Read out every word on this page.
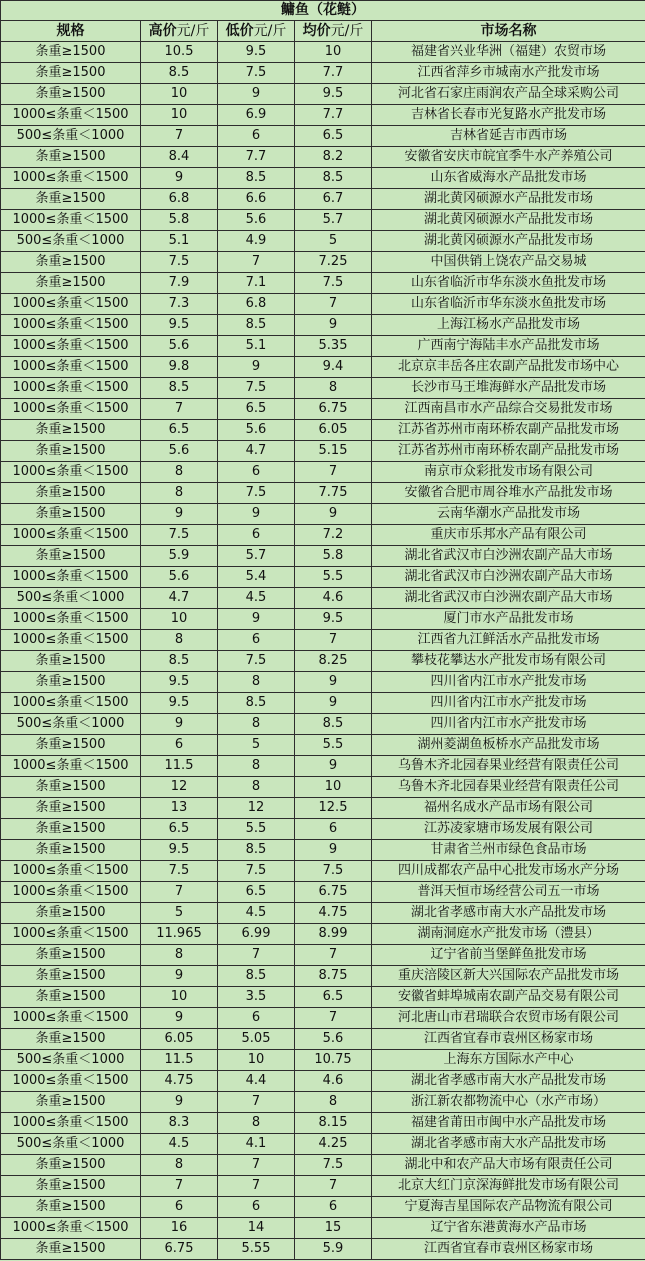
鳙鱼（花鲢）				
规格	高价元/斤	低价元/斤	均价元/斤	市场名称
条重≥1500	10.5	9.5	10	福建省兴业华洲（福建）农贸市场
条重≥1500	8.5	7.5	7.7	江西省萍乡市城南水产批发市场
条重≥1500	10	9	9.5	河北省石家庄雨润农产品全球采购公司
1000≤条重＜1500	10	6.9	7.7	吉林省长春市光复路水产批发市场
500≤条重＜1000	7	6	6.5	吉林省延吉市西市场
条重≥1500	8.4	7.7	8.2	安徽省安庆市皖宜季牛水产养殖公司
1000≤条重＜1500	9	8.5	8.5	山东省威海水产品批发市场
条重≥1500	6.8	6.6	6.7	湖北黄冈硕源水产品批发市场
1000≤条重＜1500	5.8	5.6	5.7	湖北黄冈硕源水产品批发市场
500≤条重＜1000	5.1	4.9	5	湖北黄冈硕源水产品批发市场
条重≥1500	7.5	7	7.25	中国供销上饶农产品交易城
条重≥1500	7.9	7.1	7.5	山东省临沂市华东淡水鱼批发市场
1000≤条重＜1500	7.3	6.8	7	山东省临沂市华东淡水鱼批发市场
1000≤条重＜1500	9.5	8.5	9	上海江杨水产品批发市场
1000≤条重＜1500	5.6	5.1	5.35	广西南宁海陆丰水产品批发市场
1000≤条重＜1500	9.8	9	9.4	北京京丰岳各庄农副产品批发市场中心
1000≤条重＜1500	8.5	7.5	8	长沙市马王堆海鲜水产品批发市场
1000≤条重＜1500	7	6.5	6.75	江西南昌市水产品综合交易批发市场
条重≥1500	6.5	5.6	6.05	江苏省苏州市南环桥农副产品批发市场
条重≥1500	5.6	4.7	5.15	江苏省苏州市南环桥农副产品批发市场
1000≤条重＜1500	8	6	7	南京市众彩批发市场有限公司
条重≥1500	8	7.5	7.75	安徽省合肥市周谷堆水产品批发市场
条重≥1500	9	9	9	云南华潮水产品批发市场
1000≤条重＜1500	7.5	6	7.2	重庆市乐邦水产品有限公司
条重≥1500	5.9	5.7	5.8	湖北省武汉市白沙洲农副产品大市场
1000≤条重＜1500	5.6	5.4	5.5	湖北省武汉市白沙洲农副产品大市场
500≤条重＜1000	4.7	4.5	4.6	湖北省武汉市白沙洲农副产品大市场
1000≤条重＜1500	10	9	9.5	厦门市水产品批发市场
1000≤条重＜1500	8	6	7	江西省九江鲜活水产品批发市场
条重≥1500	8.5	7.5	8.25	攀枝花攀达水产批发市场有限公司
条重≥1500	9.5	8	9	四川省内江市水产批发市场
1000≤条重＜1500	9.5	8.5	9	四川省内江市水产批发市场
500≤条重＜1000	9	8	8.5	四川省内江市水产批发市场
条重≥1500	6	5	5.5	湖州菱湖鱼板桥水产品批发市场
1000≤条重＜1500	11.5	8	9	乌鲁木齐北园春果业经营有限责任公司
条重≥1500	12	8	10	乌鲁木齐北园春果业经营有限责任公司
条重≥1500	13	12	12.5	福州名成水产品市场有限公司
条重≥1500	6.5	5.5	6	江苏凌家塘市场发展有限公司
条重≥1500	9.5	8.5	9	甘肃省兰州市绿色食品市场
1000≤条重＜1500	7.5	7.5	7.5	四川成都农产品中心批发市场水产分场
1000≤条重＜1500	7	6.5	6.75	普洱天恒市场经营公司五一市场
条重≥1500	5	4.5	4.75	湖北省孝感市南大水产品批发市场
1000≤条重＜1500	11.965	6.99	8.99	湖南洞庭水产批发市场（澧县）
条重≥1500	8	7	7	辽宁省前当堡鲜鱼批发市场
条重≥1500	9	8.5	8.75	重庆涪陵区新大兴国际农产品批发市场
条重≥1500	10	3.5	6.5	安徽省蚌埠城南农副产品交易有限公司
1000≤条重＜1500	9	6	7	河北唐山市君瑞联合农贸市场有限公司
条重≥1500	6.05	5.05	5.6	江西省宜春市袁州区杨家市场
500≤条重＜1000	11.5	10	10.75	上海东方国际水产中心
1000≤条重＜1500	4.75	4.4	4.6	湖北省孝感市南大水产品批发市场
条重≥1500	9	7	8	浙江新农都物流中心（水产市场）
1000≤条重＜1500	8.3	8	8.15	福建省莆田市闽中水产品批发市场
500≤条重＜1000	4.5	4.1	4.25	湖北省孝感市南大水产品批发市场
条重≥1500	8	7	7.5	湖北中和农产品大市场有限责任公司
条重≥1500	7	7	7	北京大红门京深海鲜批发市场有限公司
条重≥1500	6	6	6	宁夏海吉星国际农产品物流有限公司
1000≤条重＜1500	16	14	15	辽宁省东港黄海水产品市场
条重≥1500	6.75	5.55	5.9	江西省宜春市袁州区杨家市场
